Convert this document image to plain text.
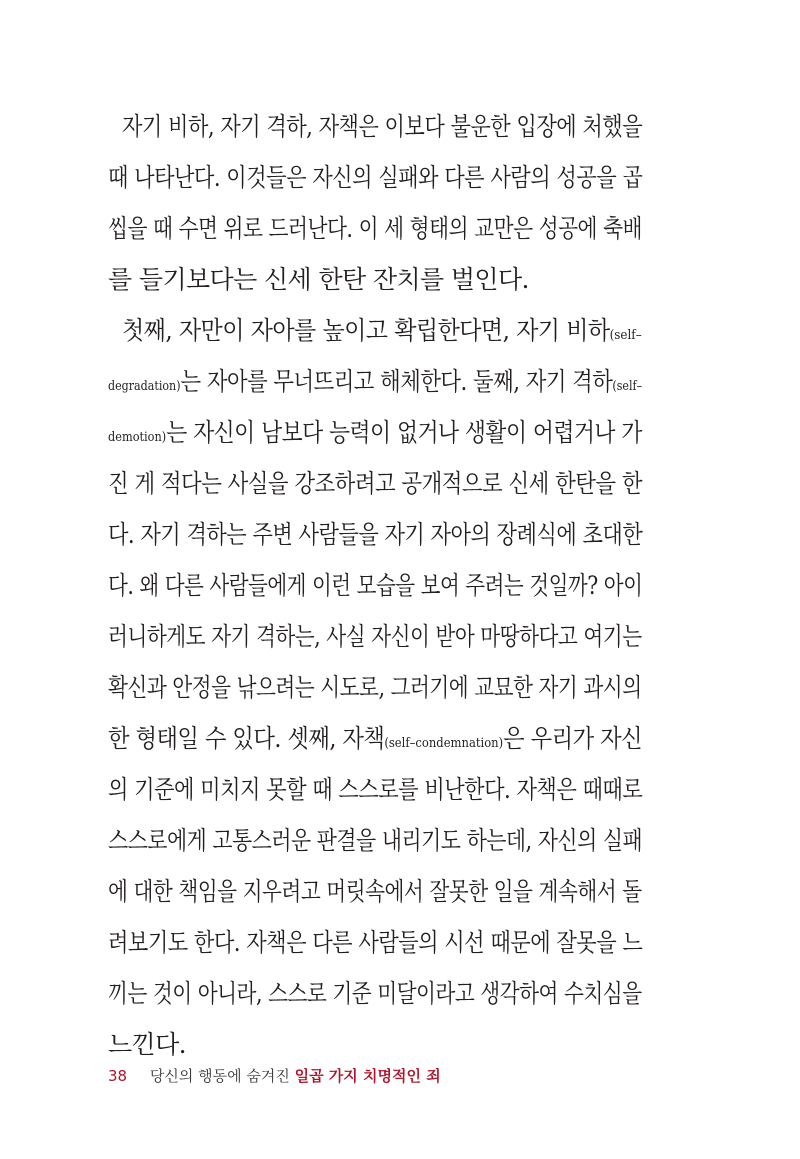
자기 비하, 자기 격하, 자책은 이보다 불운한 입장에 처했을
때 나타난다. 이것들은 자신의 실패와 다른 사람의 성공을 곱
씹을 때 수면 위로 드러난다. 이 세 형태의 교만은 성공에 축배
를 들기보다는 신세 한탄 잔치를 벌인다.
첫째, 자만이 자아를 높이고 확립한다면, 자기 비하(self–
degradation)는 자아를 무너뜨리고 해체한다. 둘째, 자기 격하(self–
demotion)는 자신이 남보다 능력이 없거나 생활이 어렵거나 가
진 게 적다는 사실을 강조하려고 공개적으로 신세 한탄을 한
다. 자기 격하는 주변 사람들을 자기 자아의 장례식에 초대한
다. 왜 다른 사람들에게 이런 모습을 보여 주려는 것일까? 아이
러니하게도 자기 격하는, 사실 자신이 받아 마땅하다고 여기는
확신과 안정을 낚으려는 시도로, 그러기에 교묘한 자기 과시의
한 형태일 수 있다. 셋째, 자책(self–condemnation)은 우리가 자신
의 기준에 미치지 못할 때 스스로를 비난한다. 자책은 때때로
스스로에게 고통스러운 판결을 내리기도 하는데, 자신의 실패
에 대한 책임을 지우려고 머릿속에서 잘못한 일을 계속해서 돌
려보기도 한다. 자책은 다른 사람들의 시선 때문에 잘못을 느
끼는 것이 아니라, 스스로 기준 미달이라고 생각하여 수치심을
느낀다.
38 당신의 행동에 숨겨진 일곱 가지 치명적인 죄
